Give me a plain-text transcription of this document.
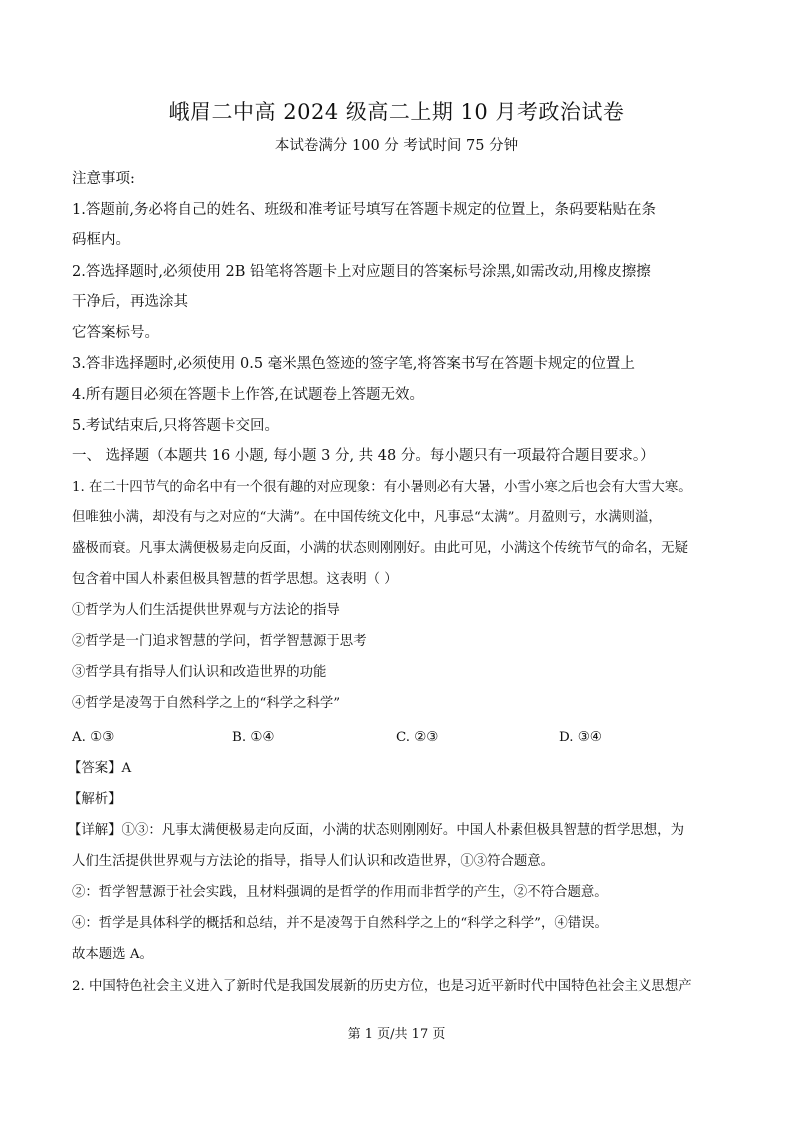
峨眉二中高 2024 级高二上期 10 月考政治试卷
本试卷满分 100 分 考试时间 75 分钟
注意事项:
1.答题前,务必将自己的姓名、班级和准考证号填写在答题卡规定的位置上，条码要粘贴在条
码框内。
2.答选择题时,必须使用 2B 铅笔将答题卡上对应题目的答案标号涂黑,如需改动,用橡皮擦擦
干净后，再选涂其
它答案标号。
3.答非选择题时,必须使用 0.5 毫米黑色签迹的签字笔,将答案书写在答题卡规定的位置上
4.所有题目必须在答题卡上作答,在试题卷上答题无效。
5.考试结束后,只将答题卡交回。
一、 选择题（本题共 16 小题, 每小题 3 分, 共 48 分。每小题只有一项最符合题目要求。）
1. 在二十四节气的命名中有一个很有趣的对应现象：有小暑则必有大暑，小雪小寒之后也会有大雪大寒。
但唯独小满，却没有与之对应的“大满”。在中国传统文化中，凡事忌“太满”。月盈则亏，水满则溢，
盛极而衰。凡事太满便极易走向反面，小满的状态则刚刚好。由此可见，小满这个传统节气的命名，无疑
包含着中国人朴素但极具智慧的哲学思想。这表明（ ）
①哲学为人们生活提供世界观与方法论的指导
②哲学是一门追求智慧的学问，哲学智慧源于思考
③哲学具有指导人们认识和改造世界的功能
④哲学是凌驾于自然科学之上的“科学之科学”
A. ①③	B. ①④	C. ②③	D. ③④
【答案】A
【解析】
【详解】①③：凡事太满便极易走向反面，小满的状态则刚刚好。中国人朴素但极具智慧的哲学思想，为
人们生活提供世界观与方法论的指导，指导人们认识和改造世界，①③符合题意。
②：哲学智慧源于社会实践，且材料强调的是哲学的作用而非哲学的产生，②不符合题意。
④：哲学是具体科学的概括和总结，并不是凌驾于自然科学之上的“科学之科学”，④错误。
故本题选 A。
2. 中国特色社会主义进入了新时代是我国发展新的历史方位，也是习近平新时代中国特色社会主义思想产
第 1 页/共 17 页
